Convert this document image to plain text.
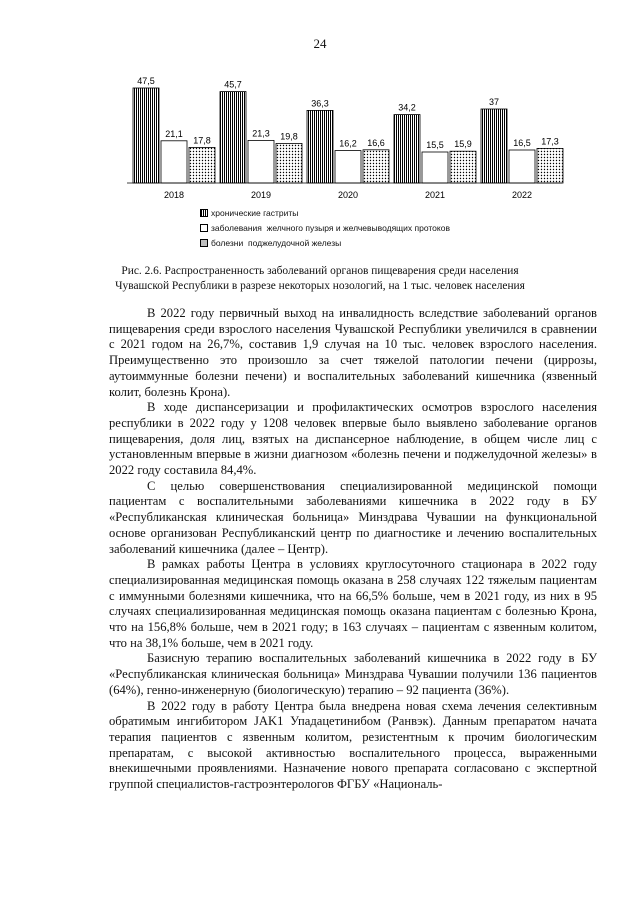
24
47,5
21,1
17,8
2018
45,7
21,3 19,8
2019
36,3
16,2 16,6
2020
34,2
15,5 15,9
2021
37
16,5 17,3
2022
хронические гастриты
заболевания  желчного пузыря и желчевыводящих протоков
болезни  поджелудочной железы
Рис. 2.6. Распространенность заболеваний органов пищеварения среди населения
Чувашской Республики в разрезе некоторых нозологий, на 1 тыс. человек населения

В 2022 году первичный выход на инвалидность вследствие заболеваний органов пищеварения среди взрослого населения Чувашской Республики увеличился в сравнении с 2021 годом на 26,7%, составив 1,9 случая на 10 тыс. человек взрослого населения. Преимущественно это произошло за счет тяжелой патологии печени (циррозы, аутоиммунные болезни печени) и воспалительных заболеваний кишечника (язвенный колит, болезнь Крона).

В ходе диспансеризации и профилактических осмотров взрослого населения республики в 2022 году у 1208 человек впервые было выявлено заболевание органов пищеварения, доля лиц, взятых на диспансерное наблюдение, в общем числе лиц с установленным впервые в жизни диагнозом «болезнь печени и поджелудочной железы» в 2022 году составила 84,4%.

С целью совершенствования специализированной медицинской помощи пациентам с воспалительными заболеваниями кишечника в 2022 году в БУ «Республиканская клиническая больница» Минздрава Чувашии на функциональной основе организован Республиканский центр по диагностике и лечению воспалительных заболеваний кишечника (далее – Центр).

В рамках работы Центра в условиях круглосуточного стационара в 2022 году специализированная медицинская помощь оказана в 258 случаях 122 тяжелым пациентам с иммунными болезнями кишечника, что на 66,5% больше, чем в 2021 году, из них в 95 случаях специализированная медицинская помощь оказана пациентам с болезнью Крона, что на 156,8% больше, чем в 2021 году; в 163 случаях – пациентам с язвенным колитом, что на 38,1% больше, чем в 2021 году.

Базисную терапию воспалительных заболеваний кишечника в 2022 году в БУ «Республиканская клиническая больница» Минздрава Чувашии получили 136 пациентов (64%), генно-инженерную (биологическую) терапию – 92 пациента (36%).

В 2022 году в работу Центра была внедрена новая схема лечения селективным обратимым ингибитором JAK1 Упадацетинибом (Ранвэк). Данным препаратом начата терапия пациентов с язвенным колитом, резистентным к прочим биологическим препаратам, с высокой активностью воспалительного процесса, выраженными внекишечными проявлениями. Назначение нового препарата согласовано с экспертной группой специалистов-гастроэнтерологов ФГБУ «Националь-
